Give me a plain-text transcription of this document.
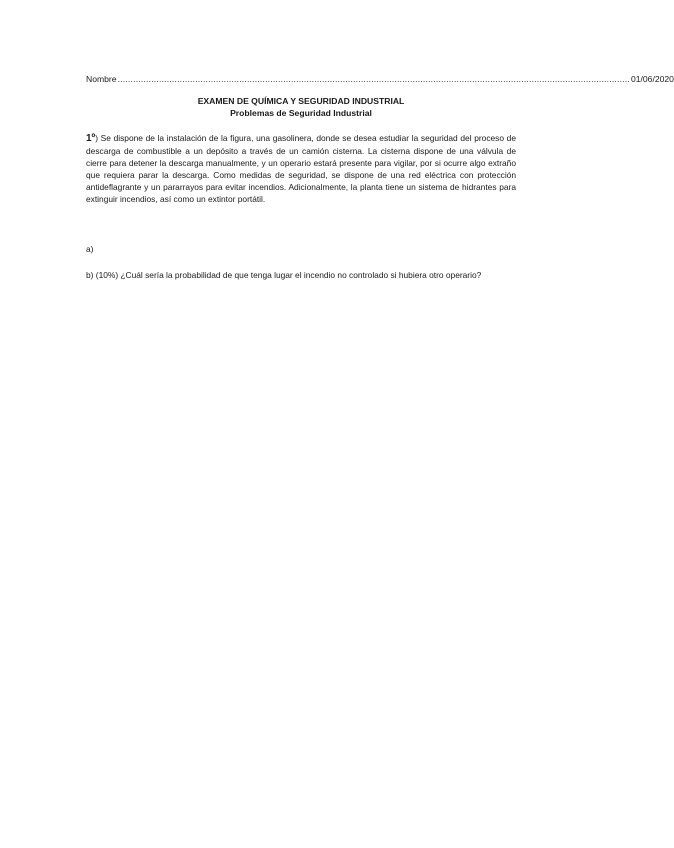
Nombre ...................................................................................................................................................................................................... 01/06/2020
EXAMEN DE QUÍMICA Y SEGURIDAD INDUSTRIAL
Problemas de Seguridad Industrial
1º) Se dispone de la instalación de la figura, una gasolinera, donde se desea estudiar la seguridad del proceso de descarga de combustible a un depósito a través de un camión cisterna. La cisterna dispone de una válvula de cierre para detener la descarga manualmente, y un operario estará presente para vigilar, por si ocurre algo extraño que requiera parar la descarga. Como medidas de seguridad, se dispone de una red eléctrica con protección antideflagrante y un pararrayos para evitar incendios. Adicionalmente, la planta tiene un sistema de hidrantes para extinguir incendios, así como un extintor portátil.
a)
b) (10%) ¿Cuál sería la probabilidad de que tenga lugar el incendio no controlado si hubiera otro operario?
